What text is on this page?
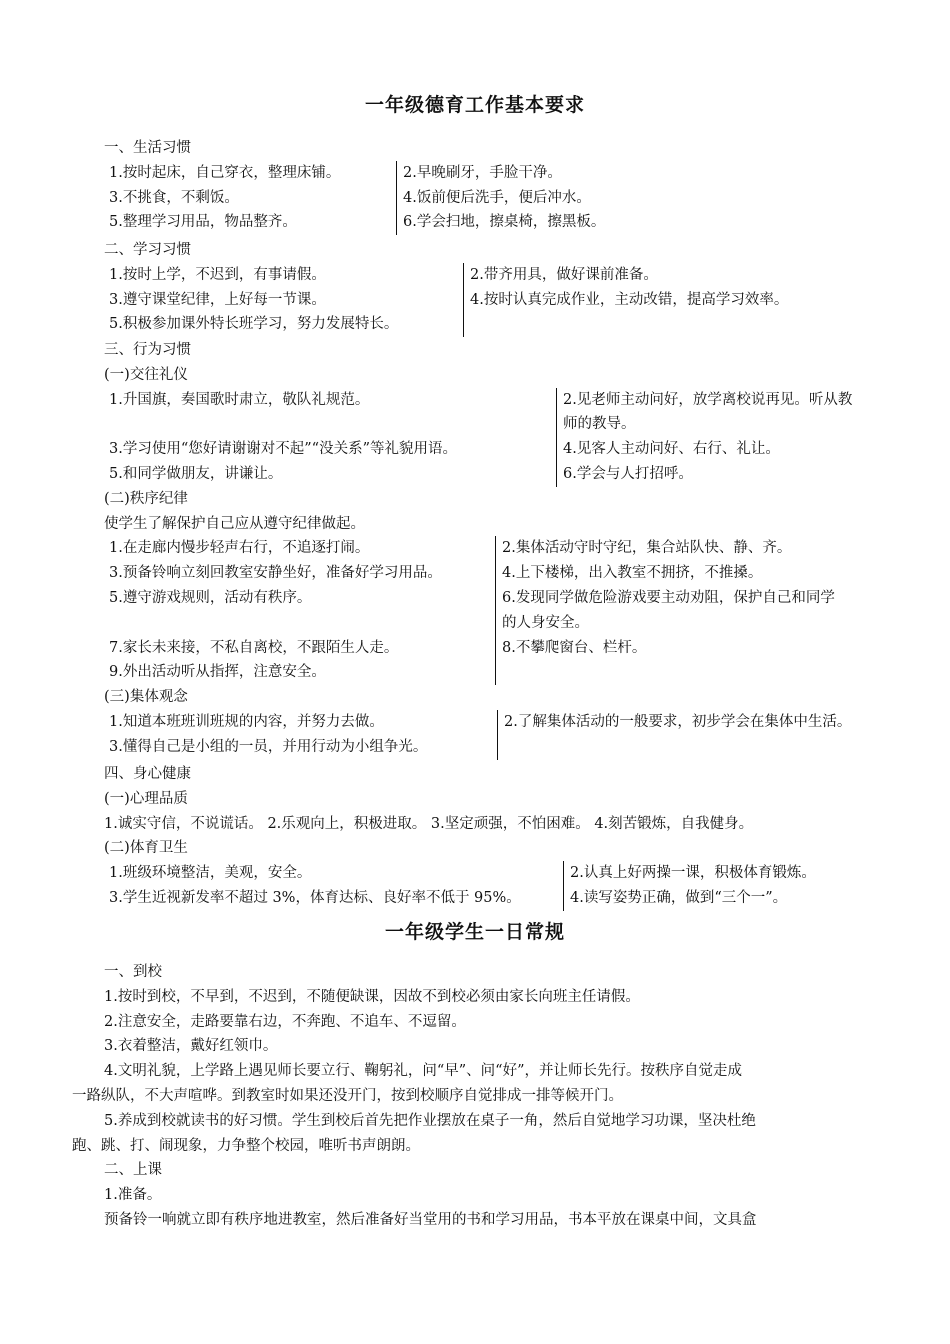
一年级德育工作基本要求
一、生活习惯
1.按时起床，自己穿衣，整理床铺。
3.不挑食，不剩饭。
5.整理学习用品，物品整齐。
2.早晚刷牙，手脸干净。
4.饭前便后洗手，便后冲水。
6.学会扫地，擦桌椅，擦黑板。
二、学习习惯
1.按时上学，不迟到，有事请假。
3.遵守课堂纪律，上好每一节课。
5.积极参加课外特长班学习，努力发展特长。
2.带齐用具，做好课前准备。
4.按时认真完成作业，主动改错，提高学习效率。
三、行为习惯
(一)交往礼仪
1.升国旗，奏国歌时肃立，敬队礼规范。
3.学习使用“您好请谢谢对不起”“没关系”等礼貌用语。
5.和同学做朋友，讲谦让。
2.见老师主动问好，放学离校说再见。听从教
师的教导。
4.见客人主动问好、右行、礼让。
6.学会与人打招呼。
(二)秩序纪律
使学生了解保护自己应从遵守纪律做起。
1.在走廊内慢步轻声右行，不追逐打闹。
3.预备铃响立刻回教室安静坐好，准备好学习用品。
5.遵守游戏规则，活动有秩序。
7.家长未来接，不私自离校，不跟陌生人走。
9.外出活动听从指挥，注意安全。
2.集体活动守时守纪，集合站队快、静、齐。
4.上下楼梯，出入教室不拥挤，不推搡。
6.发现同学做危险游戏要主动劝阻，保护自己和同学
的人身安全。
8.不攀爬窗台、栏杆。
(三)集体观念
1.知道本班班训班规的内容，并努力去做。
3.懂得自己是小组的一员，并用行动为小组争光。
2.了解集体活动的一般要求，初步学会在集体中生活。
四、身心健康
(一)心理品质
1.诚实守信，不说谎话。 2.乐观向上，积极进取。 3.坚定顽强，不怕困难。 4.刻苦锻炼，自我健身。
(二)体育卫生
1.班级环境整洁，美观，安全。
3.学生近视新发率不超过 3%，体育达标、良好率不低于 95%。
2.认真上好两操一课，积极体育锻炼。
4.读写姿势正确，做到“三个一”。
一年级学生一日常规
一、到校
1.按时到校，不早到，不迟到，不随便缺课，因故不到校必须由家长向班主任请假。
2.注意安全，走路要靠右边，不奔跑、不追车、不逗留。
3.衣着整洁，戴好红领巾。
4.文明礼貌，上学路上遇见师长要立行、鞠躬礼，问“早”、问“好”，并让师长先行。按秩序自觉走成
一路纵队，不大声喧哗。到教室时如果还没开门，按到校顺序自觉排成一排等候开门。
5.养成到校就读书的好习惯。学生到校后首先把作业摆放在桌子一角，然后自觉地学习功课，坚决杜绝
跑、跳、打、闹现象，力争整个校园，唯听书声朗朗。
二、上课
1.准备。
预备铃一响就立即有秩序地进教室，然后准备好当堂用的书和学习用品，书本平放在课桌中间，文具盒
